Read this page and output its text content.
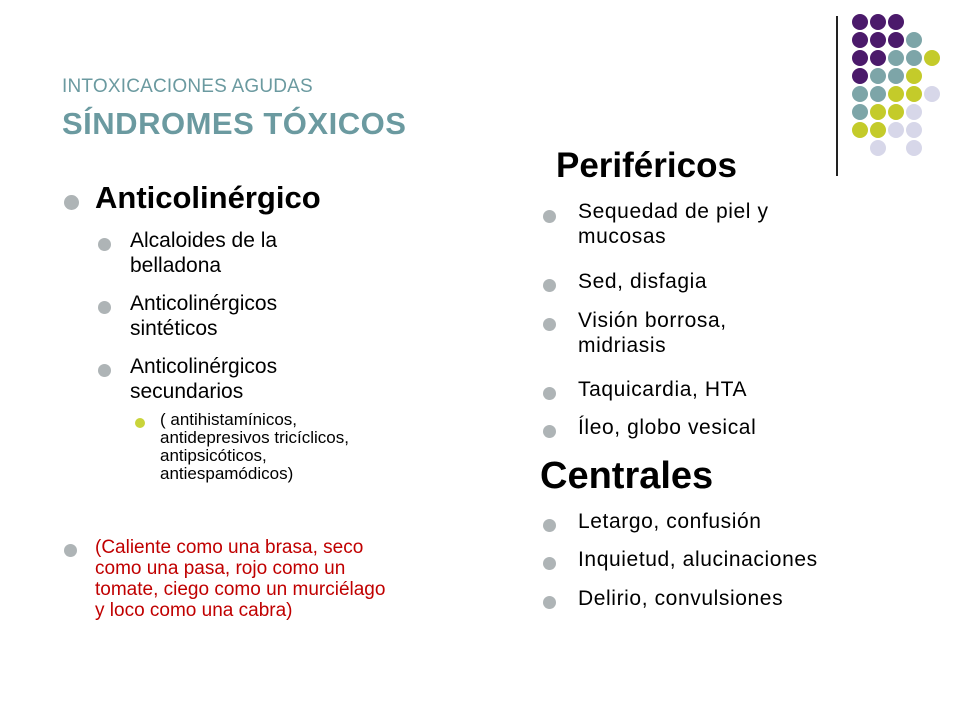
INTOXICACIONES AGUDAS
SÍNDROMES TÓXICOS
Anticolinérgico
Alcaloides de la
belladona
Anticolinérgicos
sintéticos
Anticolinérgicos
secundarios
( antihistamínicos,
antidepresivos tricíclicos,
antipsicóticos,
antiespamódicos)
(Caliente como una brasa, seco
como una pasa, rojo como un
tomate, ciego como un murciélago
y loco como una cabra)
Periféricos
Sequedad de piel y
mucosas
Sed, disfagia
Visión borrosa,
midriasis
Taquicardia, HTA
Íleo, globo vesical
Centrales
Letargo, confusión
Inquietud, alucinaciones
Delirio, convulsiones
